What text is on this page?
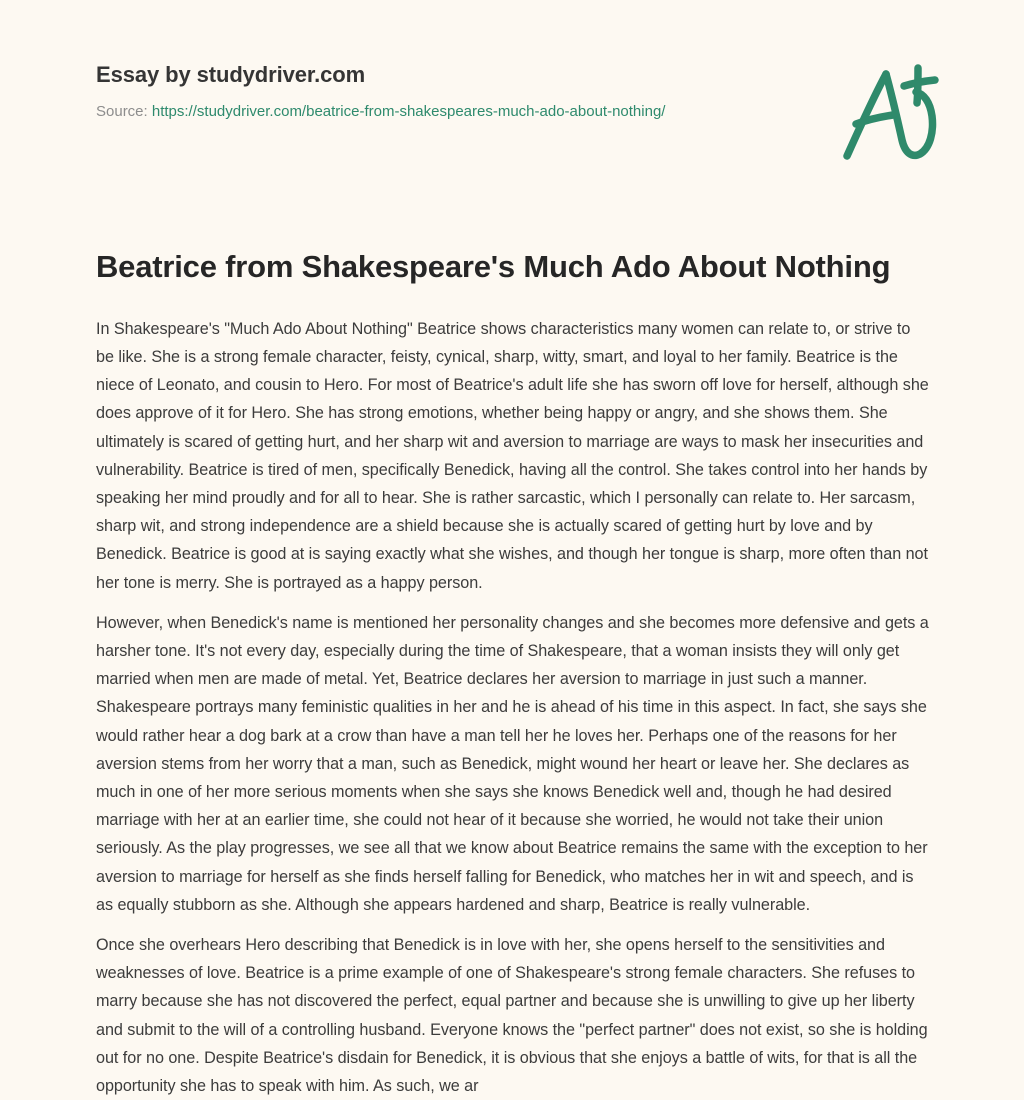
Essay by studydriver.com
Source: https://studydriver.com/beatrice-from-shakespeares-much-ado-about-nothing/
Beatrice from Shakespeare's Much Ado About Nothing

In Shakespeare's "Much Ado About Nothing" Beatrice shows characteristics many women can relate to, or strive to be like. She is a strong female character, feisty, cynical, sharp, witty, smart, and loyal to her family. Beatrice is the niece of Leonato, and cousin to Hero. For most of Beatrice's adult life she has sworn off love for herself, although she does approve of it for Hero. She has strong emotions, whether being happy or angry, and she shows them. She ultimately is scared of getting hurt, and her sharp wit and aversion to marriage are ways to mask her insecurities and vulnerability. Beatrice is tired of men, specifically Benedick, having all the control. She takes control into her hands by speaking her mind proudly and for all to hear. She is rather sarcastic, which I personally can relate to. Her sarcasm, sharp wit, and strong independence are a shield because she is actually scared of getting hurt by love and by Benedick. Beatrice is good at is saying exactly what she wishes, and though her tongue is sharp, more often than not her tone is merry. She is portrayed as a happy person.

However, when Benedick's name is mentioned her personality changes and she becomes more defensive and gets a harsher tone. It's not every day, especially during the time of Shakespeare, that a woman insists they will only get married when men are made of metal. Yet, Beatrice declares her aversion to marriage in just such a manner. Shakespeare portrays many feministic qualities in her and he is ahead of his time in this aspect. In fact, she says she would rather hear a dog bark at a crow than have a man tell her he loves her. Perhaps one of the reasons for her aversion stems from her worry that a man, such as Benedick, might wound her heart or leave her. She declares as much in one of her more serious moments when she says she knows Benedick well and, though he had desired marriage with her at an earlier time, she could not hear of it because she worried, he would not take their union seriously. As the play progresses, we see all that we know about Beatrice remains the same with the exception to her aversion to marriage for herself as she finds herself falling for Benedick, who matches her in wit and speech, and is as equally stubborn as she. Although she appears hardened and sharp, Beatrice is really vulnerable.

Once she overhears Hero describing that Benedick is in love with her, she opens herself to the sensitivities and weaknesses of love. Beatrice is a prime example of one of Shakespeare's strong female characters. She refuses to marry because she has not discovered the perfect, equal partner and because she is unwilling to give up her liberty and submit to the will of a controlling husband. Everyone knows the "perfect partner" does not exist, so she is holding out for no one. Despite Beatrice's disdain for Benedick, it is obvious that she enjoys a battle of wits, for that is all the opportunity she has to speak with him. As such, we ar
